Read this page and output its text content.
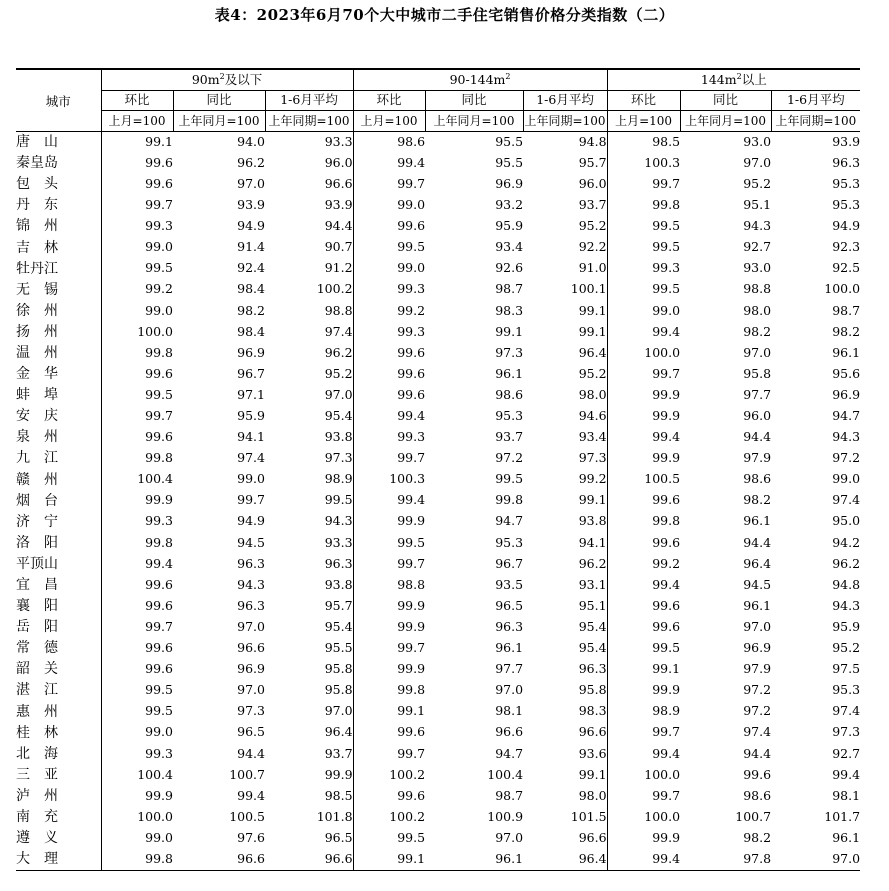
表4：2023年6月70个大中城市二手住宅销售价格分类指数（二）
城市	$90m^2$及以下			$90-144m^2$			$144m^2$以上		
	环比	同比	1-6月平均	环比	同比	1-6月平均	环比	同比	1-6月平均
	上月=100	上年同月=100	上年同期=100	上月=100	上年同月=100	上年同期=100	上月=100	上年同月=100	上年同期=100
唐　山	99.1	94.0	93.3	98.6	95.5	94.8	98.5	93.0	93.9
秦皇岛	99.6	96.2	96.0	99.4	95.5	95.7	100.3	97.0	96.3
包　头	99.6	97.0	96.6	99.7	96.9	96.0	99.7	95.2	95.3
丹　东	99.7	93.9	93.9	99.0	93.2	93.7	99.8	95.1	95.3
锦　州	99.3	94.9	94.4	99.6	95.9	95.2	99.5	94.3	94.9
吉　林	99.0	91.4	90.7	99.5	93.4	92.2	99.5	92.7	92.3
牡丹江	99.5	92.4	91.2	99.0	92.6	91.0	99.3	93.0	92.5
无　锡	99.2	98.4	100.2	99.3	98.7	100.1	99.5	98.8	100.0
徐　州	99.0	98.2	98.8	99.2	98.3	99.1	99.0	98.0	98.7
扬　州	100.0	98.4	97.4	99.3	99.1	99.1	99.4	98.2	98.2
温　州	99.8	96.9	96.2	99.6	97.3	96.4	100.0	97.0	96.1
金　华	99.6	96.7	95.2	99.6	96.1	95.2	99.7	95.8	95.6
蚌　埠	99.5	97.1	97.0	99.6	98.6	98.0	99.9	97.7	96.9
安　庆	99.7	95.9	95.4	99.4	95.3	94.6	99.9	96.0	94.7
泉　州	99.6	94.1	93.8	99.3	93.7	93.4	99.4	94.4	94.3
九　江	99.8	97.4	97.3	99.7	97.2	97.3	99.9	97.9	97.2
赣　州	100.4	99.0	98.9	100.3	99.5	99.2	100.5	98.6	99.0
烟　台	99.9	99.7	99.5	99.4	99.8	99.1	99.6	98.2	97.4
济　宁	99.3	94.9	94.3	99.9	94.7	93.8	99.8	96.1	95.0
洛　阳	99.8	94.5	93.3	99.5	95.3	94.1	99.6	94.4	94.2
平顶山	99.4	96.3	96.3	99.7	96.7	96.2	99.2	96.4	96.2
宜　昌	99.6	94.3	93.8	98.8	93.5	93.1	99.4	94.5	94.8
襄　阳	99.6	96.3	95.7	99.9	96.5	95.1	99.6	96.1	94.3
岳　阳	99.7	97.0	95.4	99.9	96.3	95.4	99.6	97.0	95.9
常　德	99.6	96.6	95.5	99.7	96.1	95.4	99.5	96.9	95.2
韶　关	99.6	96.9	95.8	99.9	97.7	96.3	99.1	97.9	97.5
湛　江	99.5	97.0	95.8	99.8	97.0	95.8	99.9	97.2	95.3
惠　州	99.5	97.3	97.0	99.1	98.1	98.3	98.9	97.2	97.4
桂　林	99.0	96.5	96.4	99.6	96.6	96.6	99.7	97.4	97.3
北　海	99.3	94.4	93.7	99.7	94.7	93.6	99.4	94.4	92.7
三　亚	100.4	100.7	99.9	100.2	100.4	99.1	100.0	99.6	99.4
泸　州	99.9	99.4	98.5	99.6	98.7	98.0	99.7	98.6	98.1
南　充	100.0	100.5	101.8	100.2	100.9	101.5	100.0	100.7	101.7
遵　义	99.0	97.6	96.5	99.5	97.0	96.6	99.9	98.2	96.1
大　理	99.8	96.6	96.6	99.1	96.1	96.4	99.4	97.8	97.0
